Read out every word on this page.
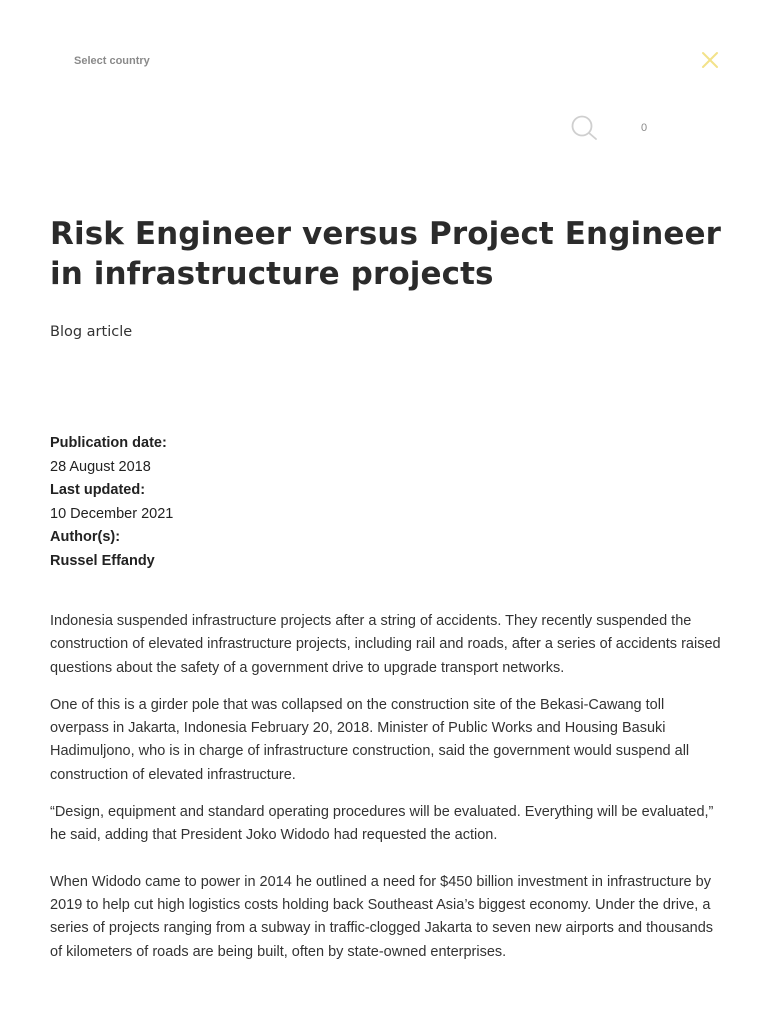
Select country
0
Risk Engineer versus Project Engineer in infrastructure projects
Blog article
Publication date:
28 August 2018
Last updated:
10 December 2021
Author(s):
Russel Effandy

Indonesia suspended infrastructure projects after a string of accidents. They recently suspended the construction of elevated infrastructure projects, including rail and roads, after a series of accidents raised questions about the safety of a government drive to upgrade transport networks.

One of this is a girder pole that was collapsed on the construction site of the Bekasi-Cawang toll overpass in Jakarta, Indonesia February 20, 2018. Minister of Public Works and Housing Basuki Hadimuljono, who is in charge of infrastructure construction, said the government would suspend all construction of elevated infrastructure.

“Design, equipment and standard operating procedures will be evaluated. Everything will be evaluated,” he said, adding that President Joko Widodo had requested the action.

When Widodo came to power in 2014 he outlined a need for $450 billion investment in infrastructure by 2019 to help cut high logistics costs holding back Southeast Asia’s biggest economy. Under the drive, a series of projects ranging from a subway in traffic-clogged Jakarta to seven new airports and thousands of kilometers of roads are being built, often by state-owned enterprises.
